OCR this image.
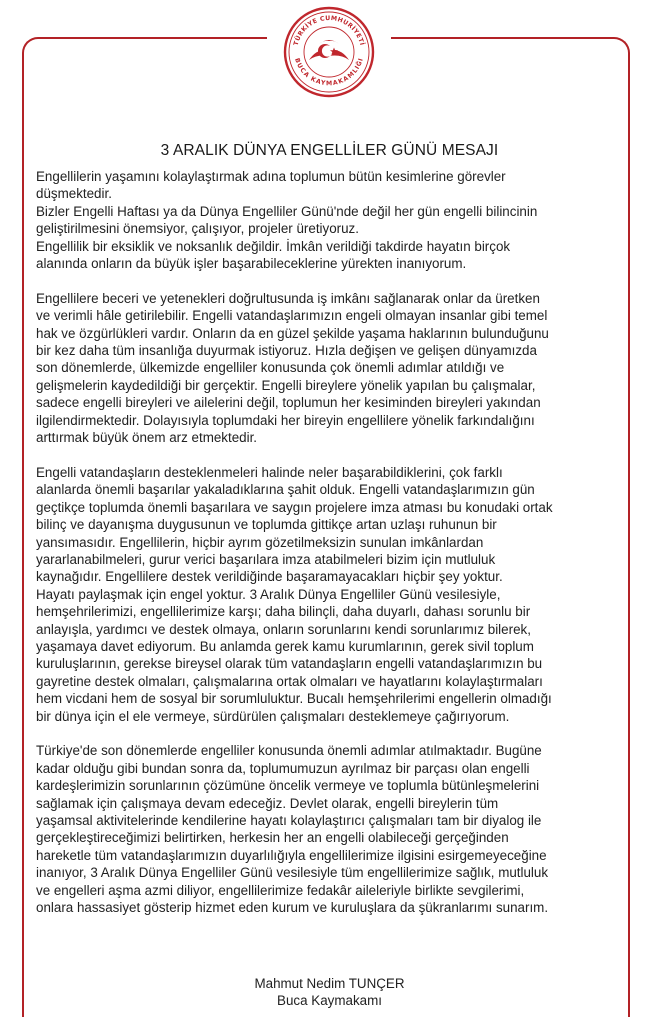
TÜRKİYE CUMHURİYETİ
BUCA KAYMAKAMLIĞI
3 ARALIK DÜNYA ENGELLİLER GÜNÜ MESAJI

Engellilerin yaşamını kolaylaştırmak adına toplumun bütün kesimlerine görevler
düşmektedir.
Bizler Engelli Haftası ya da Dünya Engelliler Günü'nde değil her gün engelli bilincinin
geliştirilmesini önemsiyor, çalışıyor, projeler üretiyoruz.
Engellilik bir eksiklik ve noksanlık değildir. İmkân verildiği takdirde hayatın birçok
alanında onların da büyük işler başarabileceklerine yürekten inanıyorum.

Engellilere beceri ve yetenekleri doğrultusunda iş imkânı sağlanarak onlar da üretken
ve verimli hâle getirilebilir. Engelli vatandaşlarımızın engeli olmayan insanlar gibi temel
hak ve özgürlükleri vardır. Onların da en güzel şekilde yaşama haklarının bulunduğunu
bir kez daha tüm insanlığa duyurmak istiyoruz. Hızla değişen ve gelişen dünyamızda
son dönemlerde, ülkemizde engelliler konusunda çok önemli adımlar atıldığı ve
gelişmelerin kaydedildiği bir gerçektir. Engelli bireylere yönelik yapılan bu çalışmalar,
sadece engelli bireyleri ve ailelerini değil, toplumun her kesiminden bireyleri yakından
ilgilendirmektedir. Dolayısıyla toplumdaki her bireyin engellilere yönelik farkındalığını
arttırmak büyük önem arz etmektedir.

Engelli vatandaşların desteklenmeleri halinde neler başarabildiklerini, çok farklı
alanlarda önemli başarılar yakaladıklarına şahit olduk. Engelli vatandaşlarımızın gün
geçtikçe toplumda önemli başarılara ve saygın projelere imza atması bu konudaki ortak
bilinç ve dayanışma duygusunun ve toplumda gittikçe artan uzlaşı ruhunun bir
yansımasıdır. Engellilerin, hiçbir ayrım gözetilmeksizin sunulan imkânlardan
yararlanabilmeleri, gurur verici başarılara imza atabilmeleri bizim için mutluluk
kaynağıdır. Engellilere destek verildiğinde başaramayacakları hiçbir şey yoktur.
Hayatı paylaşmak için engel yoktur. 3 Aralık Dünya Engelliler Günü vesilesiyle,
hemşehrilerimizi, engellilerimize karşı; daha bilinçli, daha duyarlı, dahası sorunlu bir
anlayışla, yardımcı ve destek olmaya, onların sorunlarını kendi sorunlarımız bilerek,
yaşamaya davet ediyorum. Bu anlamda gerek kamu kurumlarının, gerek sivil toplum
kuruluşlarının, gerekse bireysel olarak tüm vatandaşların engelli vatandaşlarımızın bu
gayretine destek olmaları, çalışmalarına ortak olmaları ve hayatlarını kolaylaştırmaları
hem vicdani hem de sosyal bir sorumluluktur. Bucalı hemşehrilerimi engellerin olmadığı
bir dünya için el ele vermeye, sürdürülen çalışmaları desteklemeye çağırıyorum.

Türkiye'de son dönemlerde engelliler konusunda önemli adımlar atılmaktadır. Bugüne
kadar olduğu gibi bundan sonra da, toplumumuzun ayrılmaz bir parçası olan engelli
kardeşlerimizin sorunlarının çözümüne öncelik vermeye ve toplumla bütünleşmelerini
sağlamak için çalışmaya devam edeceğiz. Devlet olarak, engelli bireylerin tüm
yaşamsal aktivitelerinde kendilerine hayatı kolaylaştırıcı çalışmaları tam bir diyalog ile
gerçekleştireceğimizi belirtirken, herkesin her an engelli olabileceği gerçeğinden
hareketle tüm vatandaşlarımızın duyarlılığıyla engellilerimize ilgisini esirgemeyeceğine
inanıyor, 3 Aralık Dünya Engelliler Günü vesilesiyle tüm engellilerimize sağlık, mutluluk
ve engelleri aşma azmi diliyor, engellilerimize fedakâr aileleriyle birlikte sevgilerimi,
onlara hassasiyet gösterip hizmet eden kurum ve kuruluşlara da şükranlarımı sunarım.

Mahmut Nedim TUNÇER
Buca Kaymakamı
